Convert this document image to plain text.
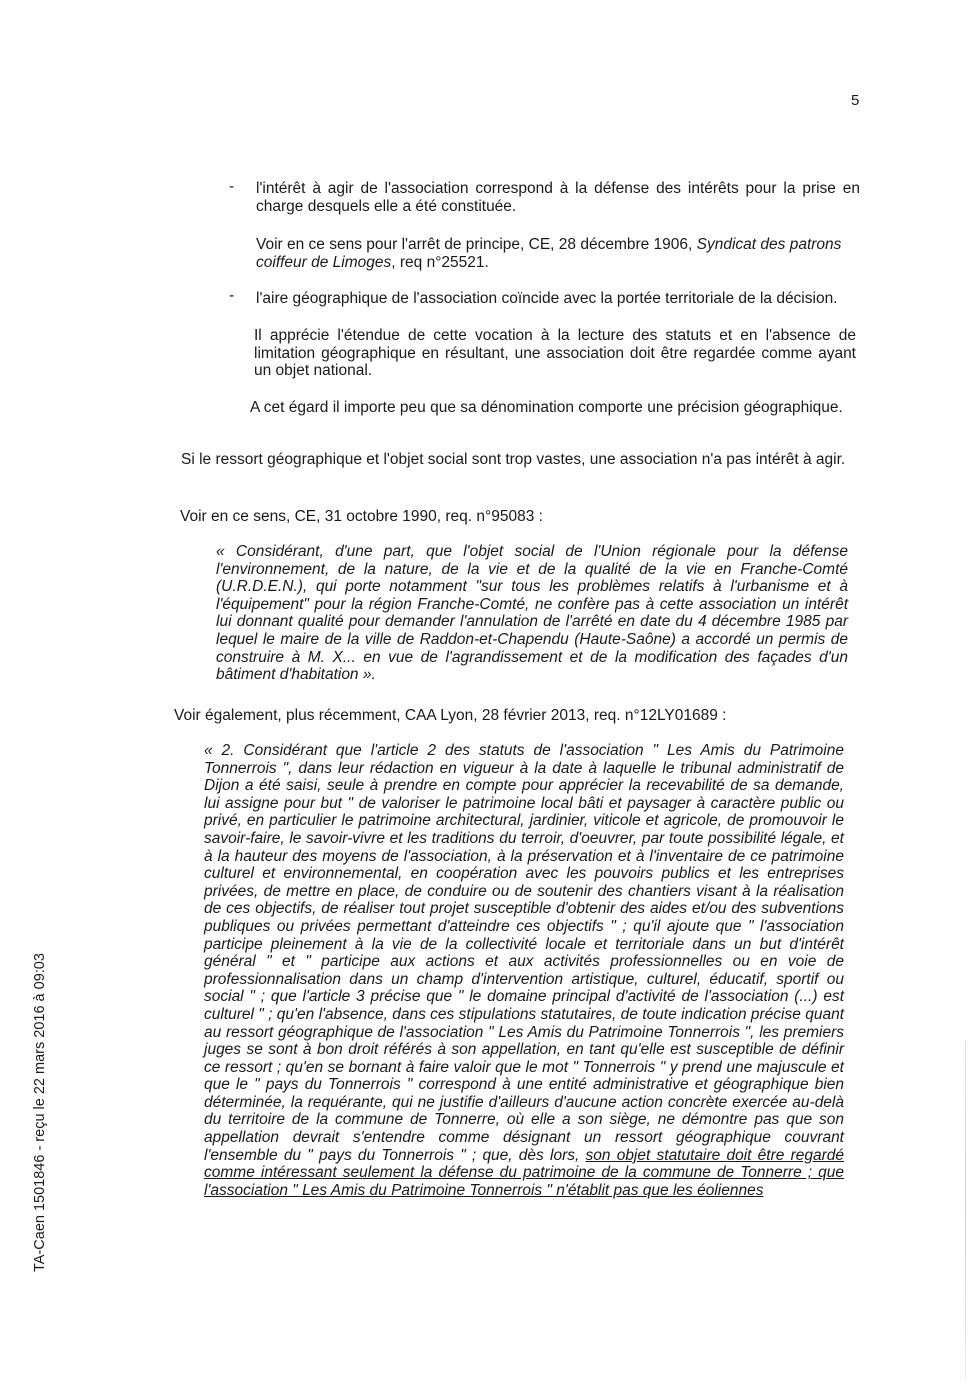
5
- l'intérêt à agir de l'association correspond à la défense des intérêts pour la prise en charge desquels elle a été constituée.
Voir en ce sens pour l'arrêt de principe, CE, 28 décembre 1906, Syndicat des patrons coiffeur de Limoges, req n°25521.
- l'aire géographique de l'association coïncide avec la portée territoriale de la décision.
Il apprécie l'étendue de cette vocation à la lecture des statuts et en l'absence de limitation géographique en résultant, une association doit être regardée comme ayant un objet national.
A cet égard il importe peu que sa dénomination comporte une précision géographique.
Si le ressort géographique et l'objet social sont trop vastes, une association n'a pas intérêt à agir.
Voir en ce sens, CE, 31 octobre 1990, req. n°95083 :
« Considérant, d'une part, que l'objet social de l'Union régionale pour la défense l'environnement, de la nature, de la vie et de la qualité de la vie en Franche-Comté (U.R.D.E.N.), qui porte notamment "sur tous les problèmes relatifs à l'urbanisme et à l'équipement" pour la région Franche-Comté, ne confère pas à cette association un intérêt lui donnant qualité pour demander l'annulation de l'arrêté en date du 4 décembre 1985 par lequel le maire de la ville de Raddon-et-Chapendu (Haute-Saône) a accordé un permis de construire à M. X... en vue de l'agrandissement et de la modification des façades d'un bâtiment d'habitation ».
Voir également, plus récemment, CAA Lyon, 28 février 2013, req. n°12LY01689 :
« 2. Considérant que l'article 2 des statuts de l'association " Les Amis du Patrimoine Tonnerrois ", dans leur rédaction en vigueur à la date à laquelle le tribunal administratif de Dijon a été saisi, seule à prendre en compte pour apprécier la recevabilité de sa demande, lui assigne pour but " de valoriser le patrimoine local bâti et paysager à caractère public ou privé, en particulier le patrimoine architectural, jardinier, viticole et agricole, de promouvoir le savoir-faire, le savoir-vivre et les traditions du terroir, d'oeuvrer, par toute possibilité légale, et à la hauteur des moyens de l'association, à la préservation et à l'inventaire de ce patrimoine culturel et environnemental, en coopération avec les pouvoirs publics et les entreprises privées, de mettre en place, de conduire ou de soutenir des chantiers visant à la réalisation de ces objectifs, de réaliser tout projet susceptible d'obtenir des aides et/ou des subventions publiques ou privées permettant d'atteindre ces objectifs " ; qu'il ajoute que " l'association participe pleinement à la vie de la collectivité locale et territoriale dans un but d'intérêt général " et " participe aux actions et aux activités professionnelles ou en voie de professionnalisation dans un champ d'intervention artistique, culturel, éducatif, sportif ou social " ; que l'article 3 précise que " le domaine principal d'activité de l'association (...) est culturel " ; qu'en l'absence, dans ces stipulations statutaires, de toute indication précise quant au ressort géographique de l'association " Les Amis du Patrimoine Tonnerrois ", les premiers juges se sont à bon droit référés à son appellation, en tant qu'elle est susceptible de définir ce ressort ; qu'en se bornant à faire valoir que le mot " Tonnerrois " y prend une majuscule et que le " pays du Tonnerrois " correspond à une entité administrative et géographique bien déterminée, la requérante, qui ne justifie d'ailleurs d'aucune action concrète exercée au-delà du territoire de la commune de Tonnerre, où elle a son siège, ne démontre pas que son appellation devrait s'entendre comme désignant un ressort géographique couvrant l'ensemble du " pays du Tonnerrois " ; que, dès lors, son objet statutaire doit être regardé comme intéressant seulement la défense du patrimoine de la commune de Tonnerre ; que l'association " Les Amis du Patrimoine Tonnerrois " n'établit pas que les éoliennes
TA-Caen 1501846 - reçu le 22 mars 2016 à 09:03
